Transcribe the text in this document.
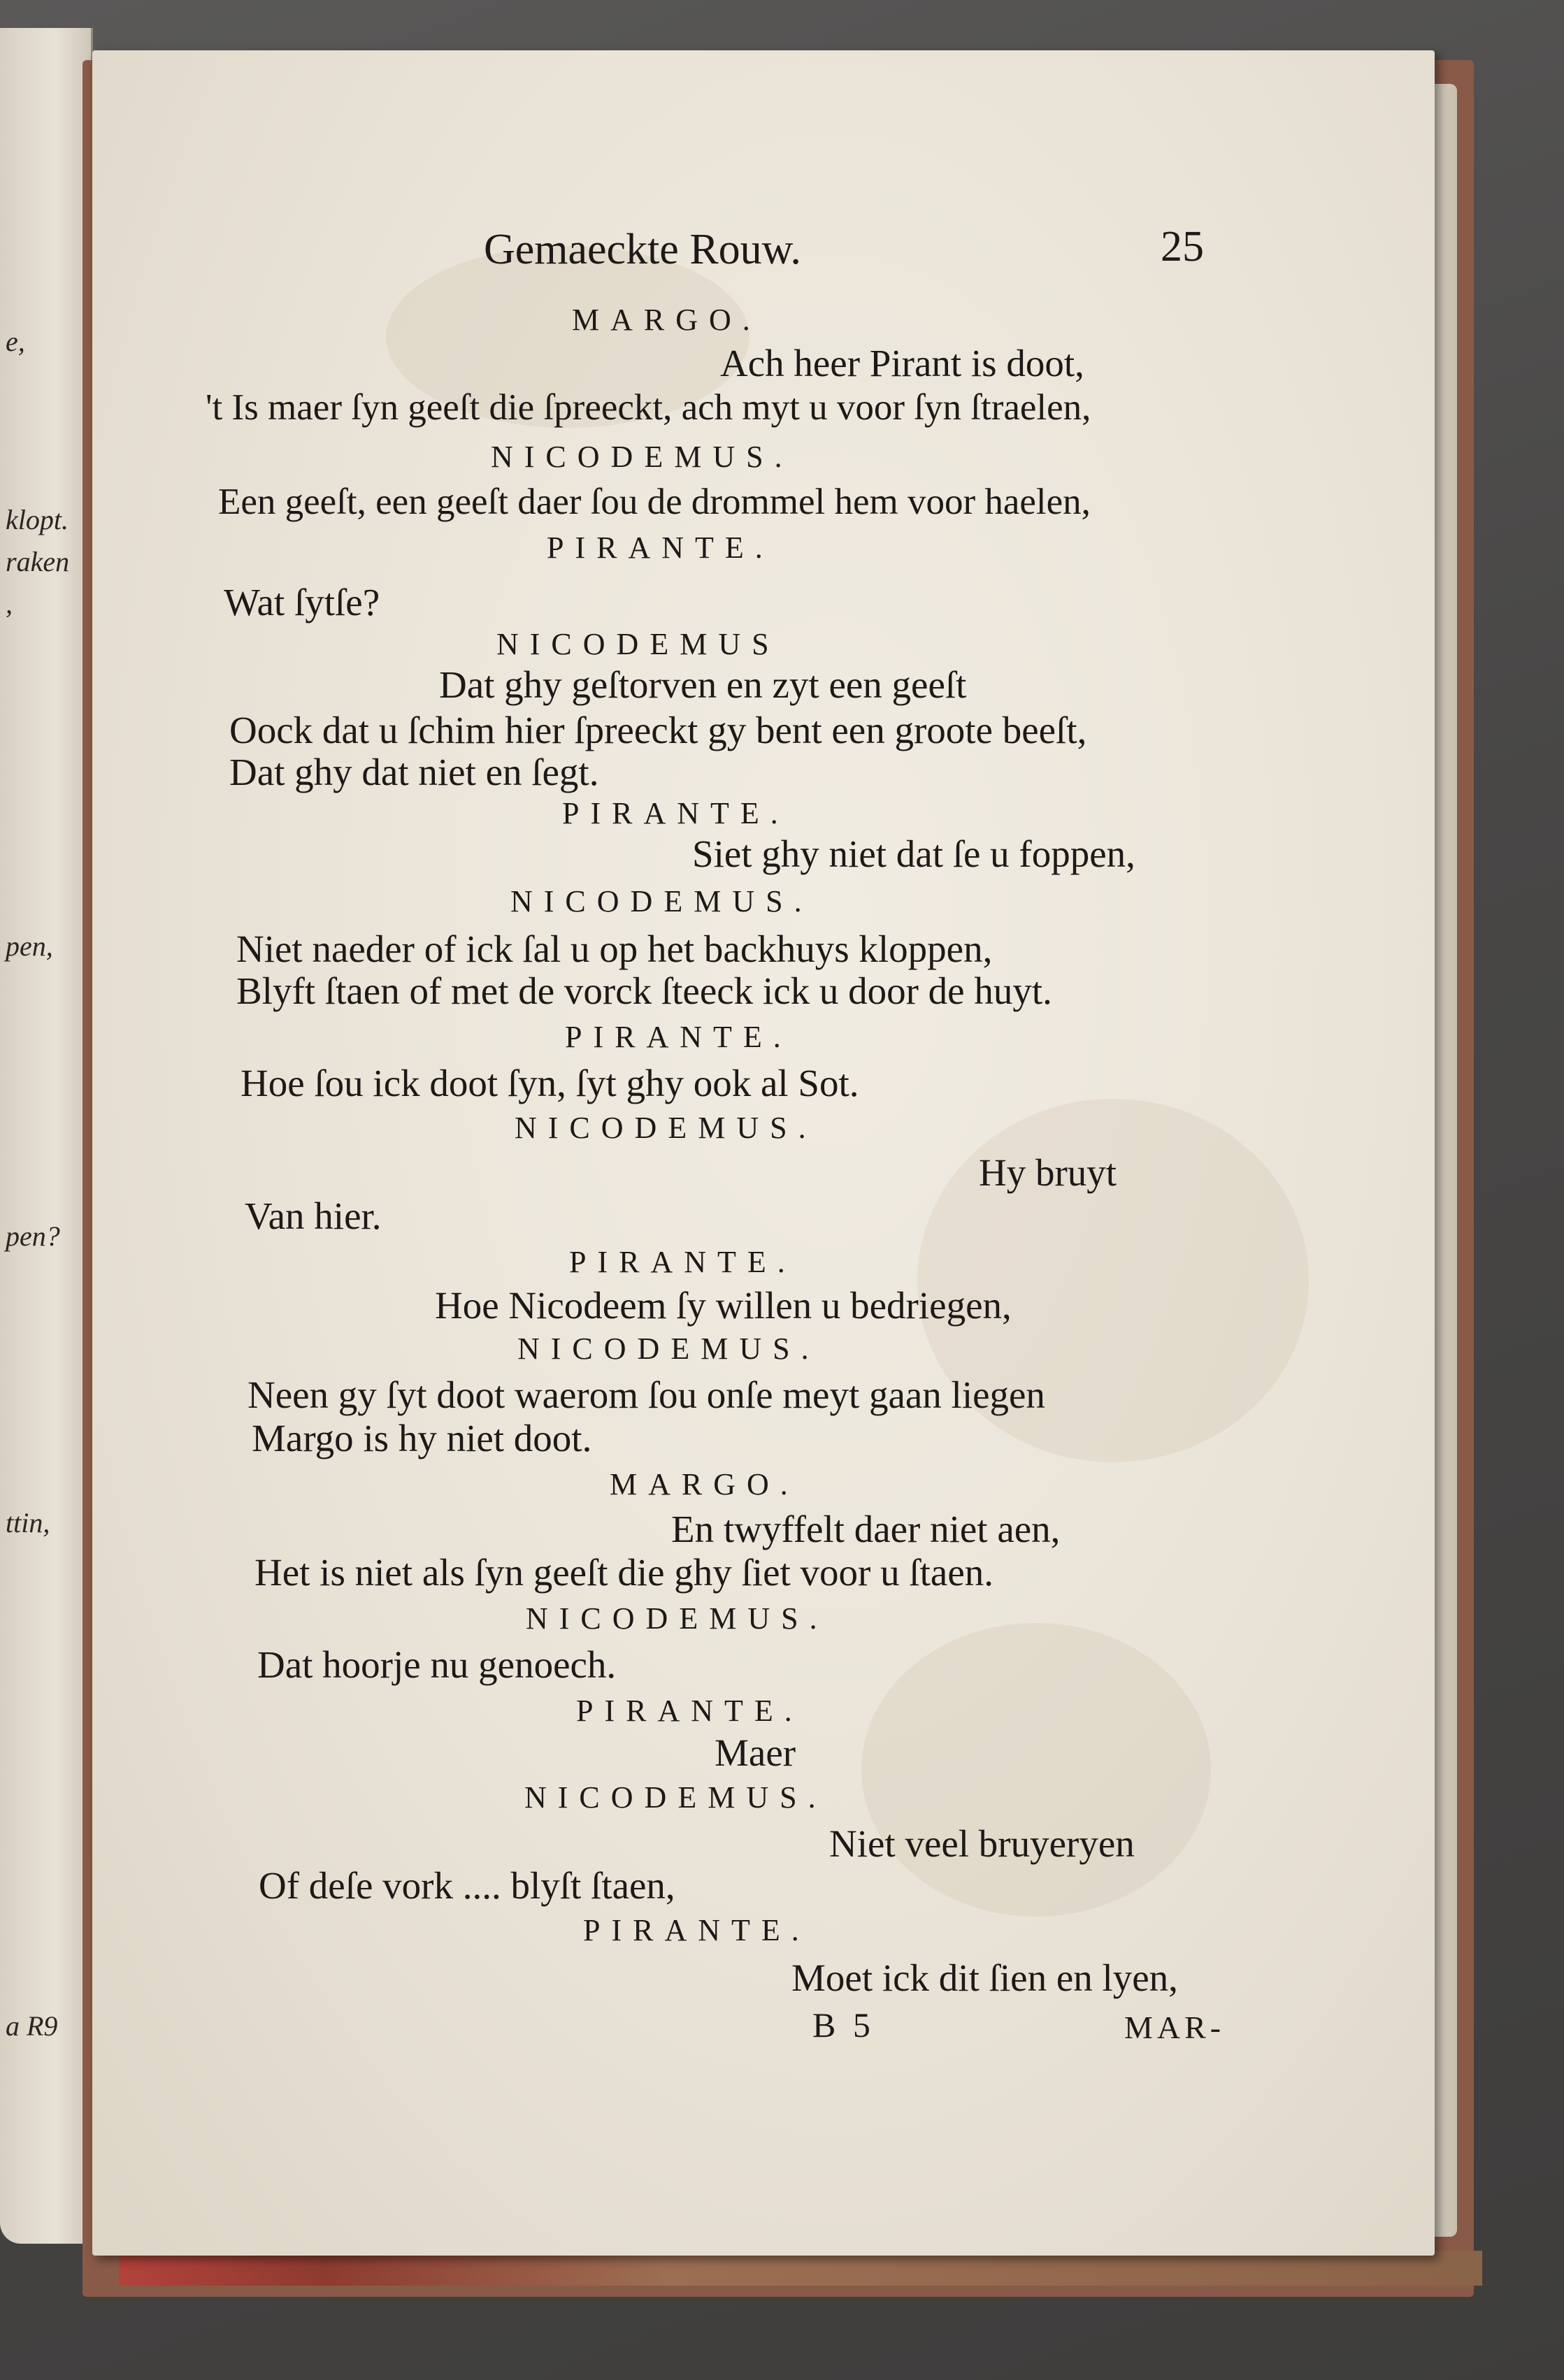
e,
klopt.
raken
,
pen,
pen?
ttin,
a R9
Gemaeckte Rouw.	25
MARGO.
Ach heer Pirant is doot,
't Is maer ſyn geeſt die ſpreeckt, ach myt u voor ſyn ſtraelen,
NICODEMUS.
Een geeſt, een geeſt daer ſou de drommel hem voor haelen,
PIRANTE.
Wat ſytſe?
NICODEMUS
Dat ghy geſtorven en zyt een geeſt
Oock dat u ſchim hier ſpreeckt gy bent een groote beeſt,
Dat ghy dat niet en ſegt.
PIRANTE.
Siet ghy niet dat ſe u foppen,
NICODEMUS.
Niet naeder of ick ſal u op het backhuys kloppen,
Blyft ſtaen of met de vorck ſteeck ick u door de huyt.
PIRANTE.
Hoe ſou ick doot ſyn, ſyt ghy ook al Sot.
NICODEMUS.
Hy bruyt
Van hier.
PIRANTE.
Hoe Nicodeem ſy willen u bedriegen,
NICODEMUS.
Neen gy ſyt doot waerom ſou onſe meyt gaan liegen
Margo is hy niet doot.
MARGO.
En twyffelt daer niet aen,
Het is niet als ſyn geeſt die ghy ſiet voor u ſtaen.
NICODEMUS.
Dat hoorje nu genoech.
PIRANTE.
Maer
NICODEMUS.
Niet veel bruyeryen
Of deſe vork .... blyſt ſtaen,
PIRANTE.
Moet ick dit ſien en lyen,
B 5	MAR-
